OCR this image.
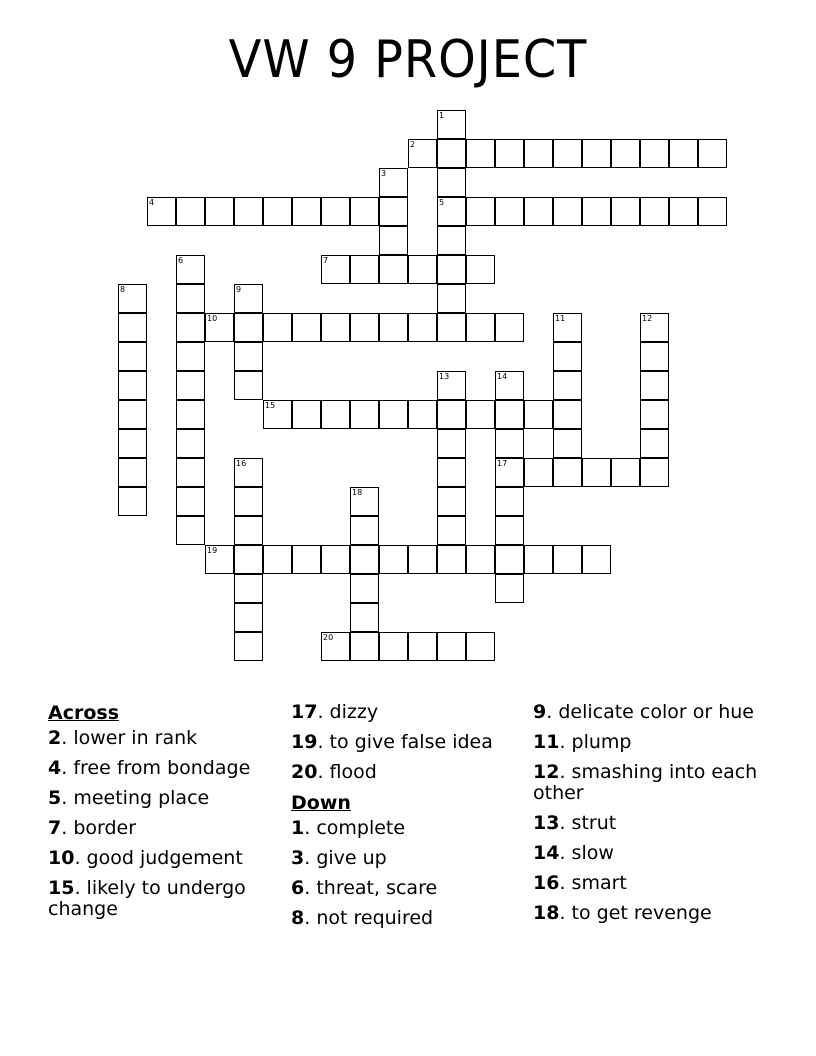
VW 9 PROJECT
1
2
3
4	5
6	7
8	9
10	11	12
13	14
15
16	17
18
19
20
Across
2. lower in rank
4. free from bondage
5. meeting place
7. border
10. good judgement
15. likely to undergo change
17. dizzy
19. to give false idea
20. flood
Down
1. complete
3. give up
6. threat, scare
8. not required
9. delicate color or hue
11. plump
12. smashing into each other
13. strut
14. slow
16. smart
18. to get revenge
